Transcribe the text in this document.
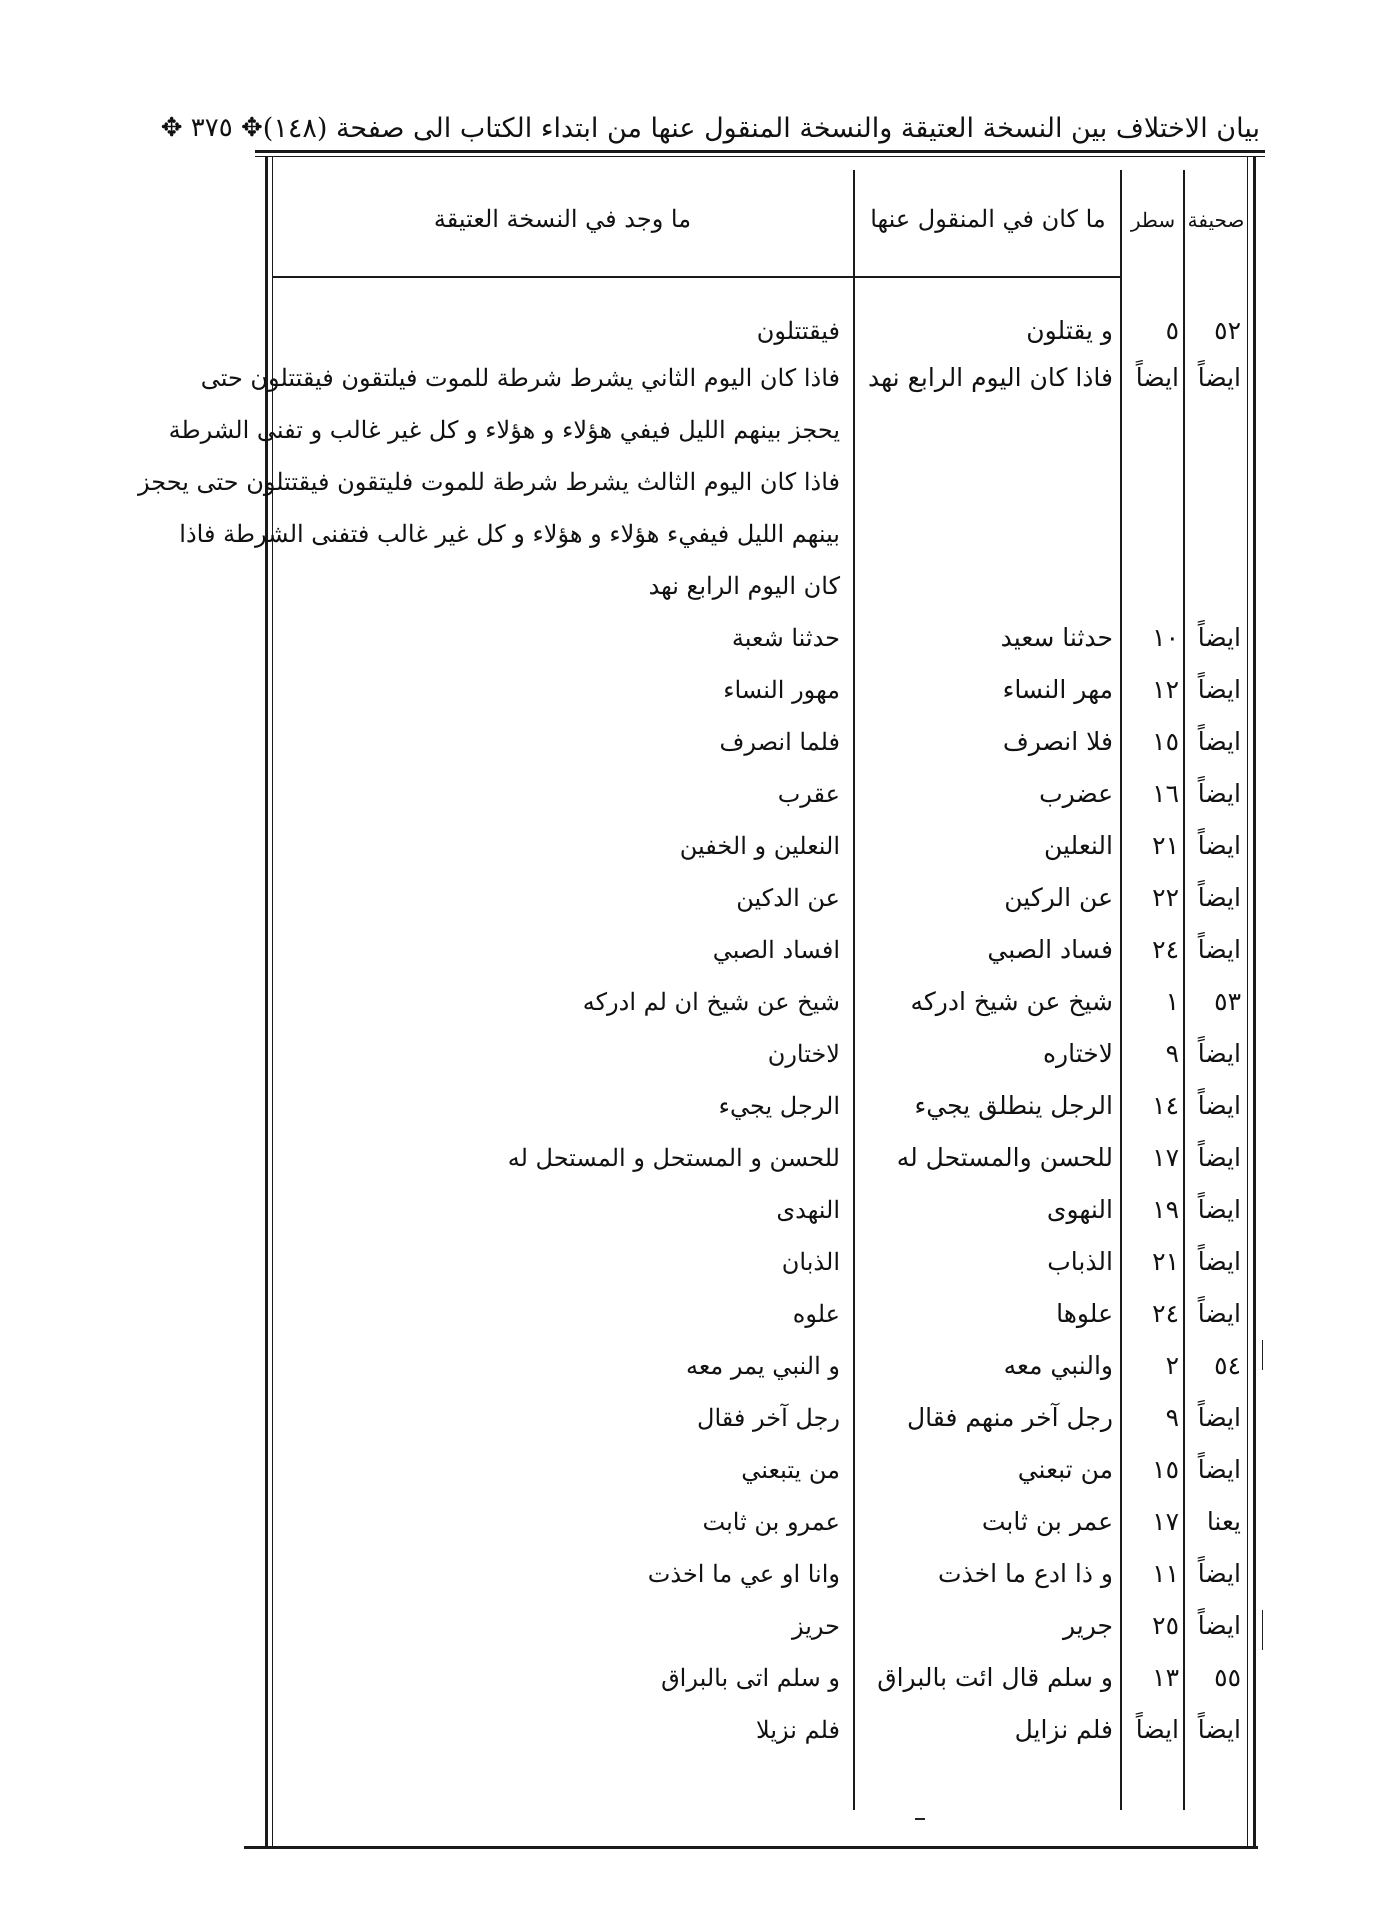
بيان الاختلاف بين النسخة العتيقة والنسخة المنقول عنها من ابتداء الكتاب الى صفحة (١٤٨)
✥ ٣٧٥ ✥
صحيفة
سطر
ما كان في المنقول عنها
ما وجد في النسخة العتيقة
٥٢
٥
و يقتلون
فيقتتلون
ايضاً
ايضاً
فاذا كان اليوم الرابع نهد
فاذا كان اليوم الثاني يشرط شرطة للموت فيلتقون فيقتتلون حتى
يحجز بينهم الليل فيفي هؤلاء و هؤلاء و كل غير غالب و تفنى الشرطة
فاذا كان اليوم الثالث يشرط شرطة للموت فليتقون فيقتتلون حتى يحجز
بينهم الليل فيفيء هؤلاء و هؤلاء و كل غير غالب فتفنى الشرطة فاذا
كان اليوم الرابع نهد
ايضاً
١٠
حدثنا سعيد
حدثنا شعبة
ايضاً
١٢
مهر النساء
مهور النساء
ايضاً
١٥
فلا انصرف
فلما انصرف
ايضاً
١٦
عضرب
عقرب
ايضاً
٢١
النعلين
النعلين و الخفين
ايضاً
٢٢
عن الركين
عن الدكين
ايضاً
٢٤
فساد الصبي
افساد الصبي
٥٣
١
شيخ عن شيخ ادركه
شيخ عن شيخ ان لم ادركه
ايضاً
٩
لاختاره
لاختارن
ايضاً
١٤
الرجل ينطلق يجيء
الرجل يجيء
ايضاً
١٧
للحسن والمستحل له
للحسن و المستحل و المستحل له
ايضاً
١٩
النهوى
النهدى
ايضاً
٢١
الذباب
الذبان
ايضاً
٢٤
علوها
علوه
٥٤
٢
والنبي معه
و النبي يمر معه
ايضاً
٩
رجل آخر منهم فقال
رجل آخر فقال
ايضاً
١٥
من تبعني
من يتبعني
يعنا
١٧
عمر بن ثابت
عمرو بن ثابت
ايضاً
١١
و ذا ادع ما اخذت
وانا او عي ما اخذت
ايضاً
٢٥
جرير
حريز
٥٥
١٣
و سلم قال ائت بالبراق
و سلم اتى بالبراق
ايضاً
ايضاً
فلم نزايل
فلم نزيلا
